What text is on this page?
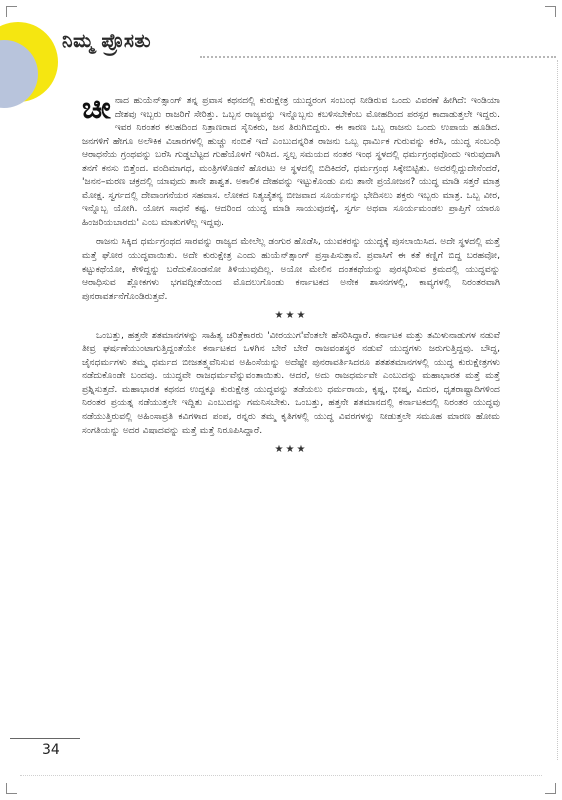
ನಿಮ್ಮ ಪ್ರೊಸತು

ಚೀ ನಾದ ಹುಯೆನ್‌ತ್ಸಾಂಗ್ ತನ್ನ ಪ್ರವಾಸ ಕಥನದಲ್ಲಿ ಕುರುಕ್ಷೇತ್ರ ಯುದ್ಧರಂಗ ಸಂಬಂಧ ನೀಡಿರುವ ಒಂದು ವಿವರಣೆ ಹೀಗಿದೆ: ಇಂಡಿಯಾ ದೇಶವು ಇಬ್ಬರು ರಾಜರಿಗೆ ಸೇರಿತ್ತು. ಒಬ್ಬನ ರಾಜ್ಯವನ್ನು ಇನ್ನೊಬ್ಬನು ಕಬಳಿಸಬೇಕೆಂಬ ಮೋಹದಿಂದ ಪರಸ್ಪರ ಕಾದಾಡುತ್ತಲೇ ಇದ್ದರು. ಇವರ ನಿರಂತರ ಕಲಹದಿಂದ ನಿತ್ರಾಣರಾದ ಸೈನಿಕರು, ಜನ ತಿರುಗಿಬಿದ್ದರು. ಈ ಕಾರಣ ಒಬ್ಬ ರಾಜನು ಒಂದು ಉಪಾಯ ಹೂಡಿದ. ಜನಗಳಿಗೆ ಹೇಗೂ ಅಲೌಕಿಕ ವಿಚಾರಗಳಲ್ಲಿ ಹುಚ್ಚು ನಂಬಿಕೆ ಇದೆ ಎಂಬುದನ್ನರಿತ ರಾಜನು ಒಬ್ಬ ಧಾರ್ಮಿಕ ಗುರುವನ್ನು ಕರೆಸಿ, ಯುದ್ಧ ಸಂಬಂಧಿ ಆರಾಧನೆಯ ಗ್ರಂಥವನ್ನು ಬರೆಸಿ ಗುಡ್ಡಬೆಟ್ಟದ ಗುಹೆಯೊಳಗೆ ಇರಿಸಿದ. ಸ್ವಲ್ಪ ಸಮಯದ ನಂತರ ಇಂಥ ಸ್ಥಳದಲ್ಲಿ ಧರ್ಮಗ್ರಂಥವೊಂದು ಇರುವುದಾಗಿ ತನಗೆ ಕನಸು ಬಿತ್ತೆಂದ. ವಂದಿಮಾಗಧ, ಮಂತ್ರಿಗಳೊಡನೆ ಹೊರಟು ಆ ಸ್ಥಳದಲ್ಲಿ ಬಿದಿಕಿದರೆ, ಧರ್ಮಗ್ರಂಥ ಸಿಕ್ಕೇಬಿಟ್ಟಿತು. ಅದರಲ್ಲಿದ್ದುದೇನೆಂದರೆ, 'ಜನನ–ಮರಣ ಚಕ್ರದಲ್ಲಿ ಯಾವುದು ತಾನೇ ಶಾಶ್ವತ. ಅಕಾಲಿಕ ದೇಹವನ್ನು ಇಟ್ಟುಕೊಂಡು ಏನು ತಾನೇ ಪ್ರಯೋಜನ? ಯುದ್ಧ ಮಾಡಿ ಸತ್ತರೆ ಮಾತ್ರ ಮೋಕ್ಷ. ಸ್ವರ್ಗದಲ್ಲಿ ದೇವಾಂಗನೆಯರ ಸಹವಾಸ. ಲೋಕದ ನಿತ್ಯಚೈತನ್ಯ ಬೀಜವಾದ ಸೂರ್ಯನನ್ನು ಭೇದಿಸಲು ಶಕ್ತರು ಇಬ್ಬರು ಮಾತ್ರ. ಒಬ್ಬ ವೀರ, ಇನ್ನೊಬ್ಬ ಯೋಗಿ. ಯೋಗ ಸಾಧನೆ ಕಷ್ಟ. ಆದರಿಂದ ಯುದ್ಧ ಮಾಡಿ ಸಾಯುವುದಕ್ಕೆ, ಸ್ವರ್ಗ ಅಥವಾ ಸೂರ್ಯಮಂಡಲ ಪ್ರಾಪ್ತಿಗೆ ಯಾರೂ ಹಿಂಜರಿಯಬಾರದು' ಎಂಬ ಮಾತುಗಳೆಲ್ಲ ಇದ್ದವು.

ರಾಜನು ಸಿಕ್ಕಿದ ಧರ್ಮಗ್ರಂಥದ ಸಾರವನ್ನು ರಾಜ್ಯದ ಮೇಲೆಲ್ಲ ಡಂಗುರ ಹೊಡೆಸಿ, ಯುವಕರನ್ನು ಯುದ್ಧಕ್ಕೆ ಪುಸಲಾಯಿಸಿದ. ಅದೇ ಸ್ಥಳದಲ್ಲಿ ಮತ್ತೆ ಮತ್ತೆ ಘೋರ ಯುದ್ಧವಾಯಿತು. ಅದೇ ಕುರುಕ್ಷೇತ್ರ ಎಂದು ಹುಯೆನ್‌ತ್ಸಾಂಗ್ ಪ್ರಸ್ತಾಪಿಸುತ್ತಾನೆ. ಪ್ರವಾಸಿಗೆ ಈ ಕತೆ ಕಣ್ಣಿಗೆ ಬಿದ್ದ ಬರಹವೋ, ಕಟ್ಟುಕಥೆಯೋ, ಕೇಳಿದ್ದನ್ನು ಬರೆದುಕೊಂಡನೋ ತಿಳಿಯುವುದಿಲ್ಲ. ಅಯೋ ಮೇಲಿನ ದಂತಕಥೆಯನ್ನು ಪುರಸ್ಕರಿಸುವ ಕ್ರಮದಲ್ಲಿ ಯುದ್ಧವನ್ನು ಆರಾಧಿಸುವ ಶ್ಲೋಕಗಳು ಭಗವದ್ಗೀತೆಯಿಂದ ಮೊದಲುಗೊಂಡು ಕರ್ನಾಟಕದ ಅನೇಕ ಶಾಸನಗಳಲ್ಲಿ, ಕಾವ್ಯಗಳಲ್ಲಿ ನಿರಂತರವಾಗಿ ಪುನರಾವರ್ತನೆಗೊಂಡಿರುತ್ತವೆ.

★★★

ಒಂಬತ್ತು, ಹತ್ತನೇ ಶತಮಾನಗಳನ್ನು ಸಾಹಿತ್ಯ ಚರಿತ್ರೆಕಾರರು 'ವೀರಯುಗ'ವೆಂತಲೇ ಹೆಸರಿಸಿದ್ದಾರೆ. ಕರ್ನಾಟಕ ಮತ್ತು ತಮಿಳುನಾಡುಗಳ ನಡುವೆ ತೀವ್ರ ಘರ್ಷಣೆಯುಂಟಾಗುತ್ತಿದ್ದಂತೆಯೇ ಕರ್ನಾಟಕದ ಒಳಗಿನ ಬೇರೆ ಬೇರೆ ರಾಜವಂಶಸ್ಥರ ನಡುವೆ ಯುದ್ಧಗಳು ಜರುಗುತ್ತಿದ್ದವು. ಬೌದ್ಧ, ಜೈನಧರ್ಮಗಳು ತಮ್ಮ ಧರ್ಮದ ಬೀಜತತ್ತ್ವವೆನಿಸುವ ಅಹಿಂಸೆಯನ್ನು ಅದೆಷ್ಟೇ ಪುನರಾವರ್ತಿಸಿದರೂ ಶತಶತಮಾನಗಳಲ್ಲಿ ಯುದ್ಧ ಕುರುಕ್ಷೇತ್ರಗಳು ನಡೆದುಕೊಂಡೇ ಬಂದವು. ಯುದ್ಧವೇ ರಾಜಧರ್ಮವೆನ್ನುವಂತಾಯಿತು. ಆದರೆ, ಅದು ರಾಜಧರ್ಮವೇ ಎಂಬುದನ್ನು ಮಹಾಭಾರತ ಮತ್ತೆ ಮತ್ತೆ ಪ್ರಶ್ನಿಸುತ್ತದೆ. ಮಹಾಭಾರತ ಕಥನದ ಉದ್ದಕ್ಕೂ ಕುರುಕ್ಷೇತ್ರ ಯುದ್ಧವನ್ನು ತಡೆಯಲು ಧರ್ಮರಾಯ, ಕೃಷ್ಣ, ಭೀಷ್ಮ, ವಿದುರ, ಧೃತರಾಷ್ಟ್ರಾದಿಗಳಿಂದ ನಿರಂತರ ಪ್ರಯತ್ನ ನಡೆಯುತ್ತಲೇ ಇದ್ದಿತು ಎಂಬುದನ್ನು ಗಮನಿಸಬೇಕು. ಒಂಬತ್ತು, ಹತ್ತನೇ ಶತಮಾನದಲ್ಲಿ ಕರ್ನಾಟಕದಲ್ಲಿ ನಿರಂತರ ಯುದ್ಧವು ನಡೆಯುತ್ತಿರುವಲ್ಲಿ ಅಹಿಂಸಾವ್ರತಿ ಕವಿಗಳಾದ ಪಂಪ, ರನ್ನರು ತಮ್ಮ ಕೃತಿಗಳಲ್ಲಿ ಯುದ್ಧ ವಿವರಗಳನ್ನು ನೀಡುತ್ತಲೇ ಸಮೂಹ ಮಾರಣ ಹೋಮ ಸಂಗತಿಯನ್ನು ಅದರ ವಿಷಾದವನ್ನು ಮತ್ತೆ ಮತ್ತೆ ನಿರೂಪಿಸಿದ್ದಾರೆ.

★★★
34
